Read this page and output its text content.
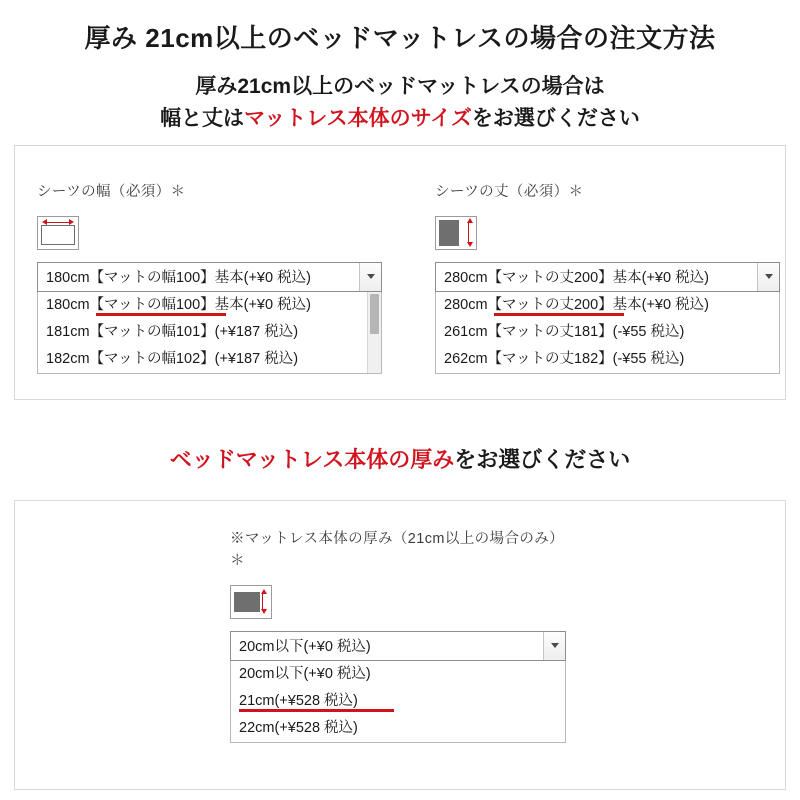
厚み 21cm以上のベッドマットレスの場合の注文方法
厚み21cm以上のベッドマットレスの場合は
幅と丈はマットレス本体のサイズをお選びください
シーツの幅（必須）＊
180cm【マットの幅100】基本(+¥0 税込)
180cm【マットの幅100】基本(+¥0 税込)
181cm【マットの幅101】(+¥187 税込)
182cm【マットの幅102】(+¥187 税込)
シーツの丈（必須）＊
280cm【マットの丈200】基本(+¥0 税込)
280cm【マットの丈200】基本(+¥0 税込)
261cm【マットの丈181】(-¥55 税込)
262cm【マットの丈182】(-¥55 税込)
ベッドマットレス本体の厚みをお選びください
※マットレス本体の厚み（21cm以上の場合のみ）＊
20cm以下(+¥0 税込)
20cm以下(+¥0 税込)
21cm(+¥528 税込)
22cm(+¥528 税込)
